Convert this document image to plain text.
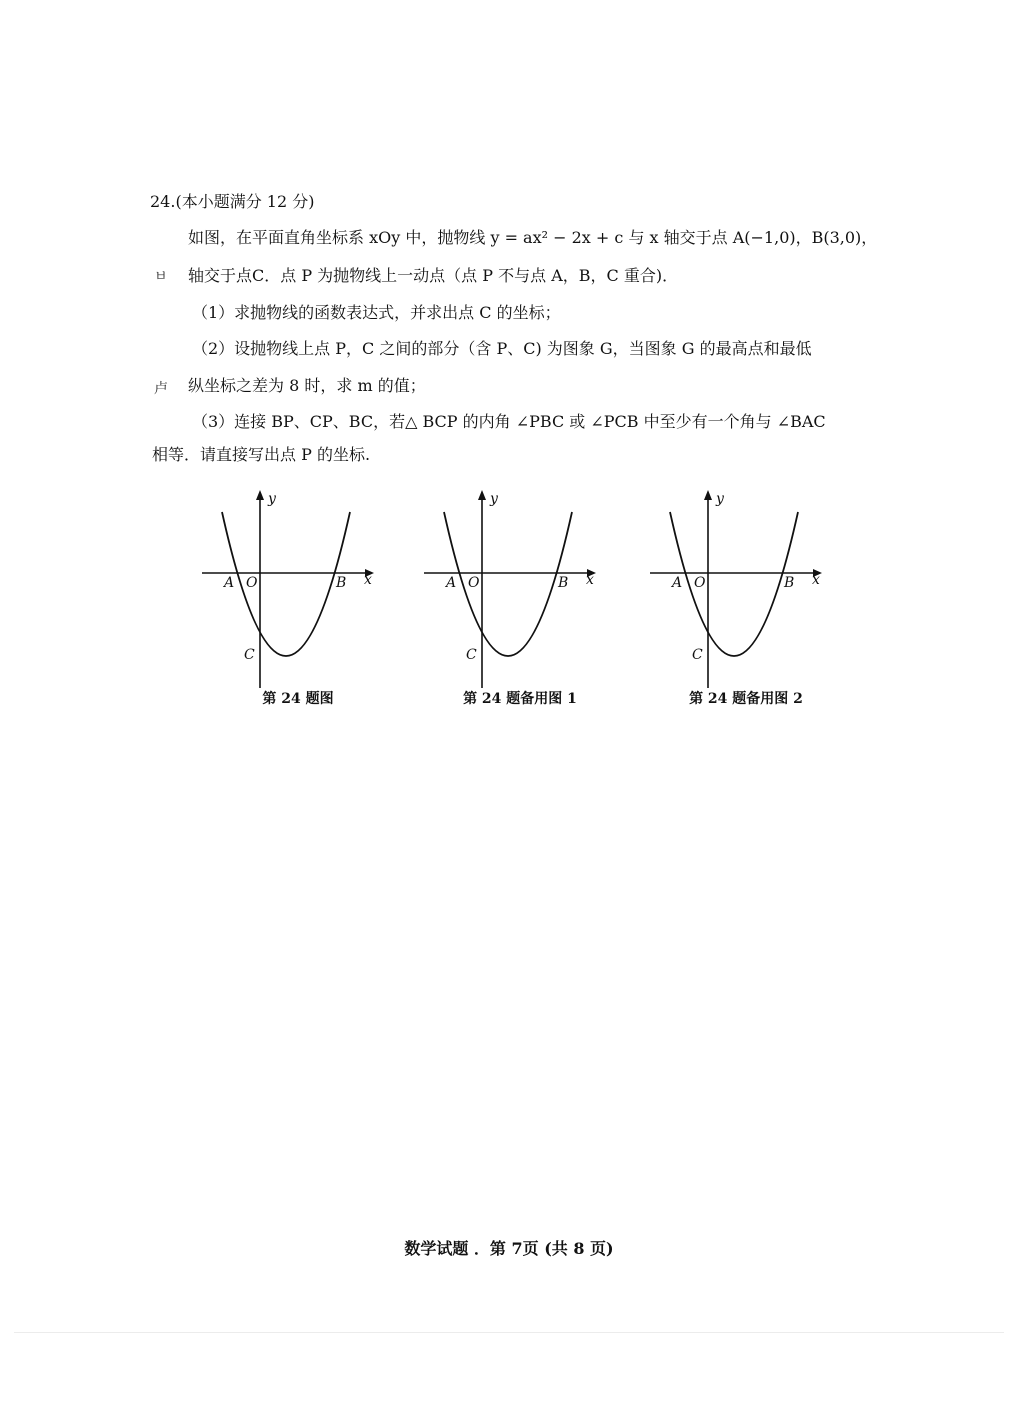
24.(本小题满分 12 分)
如图，在平面直角坐标系 xOy 中，抛物线 y = ax² − 2x + c 与 x 轴交于点 A(−1,0)，B(3,0)，
ㅂ 轴交于点C．点 P 为抛物线上一动点（点 P 不与点 A，B，C 重合)．
（1）求抛物线的函数表达式，并求出点 C 的坐标；
（2）设抛物线上点 P，C 之间的部分（含 P、C) 为图象 G，当图象 G 的最高点和最低
卢 纵坐标之差为 8 时，求 m 的值；
（3）连接 BP、CP、BC，若△ BCP 的内角 ∠PBC 或 ∠PCB 中至少有一个角与 ∠BAC
相等．请直接写出点 P 的坐标.
y
x
A O	B
C
第 24 题图
y
x
A O	B
C
第 24 题备用图 1
y
x
A O	B
C
第 24 题备用图 2
数学试题 ．第 7页 (共 8 页)
